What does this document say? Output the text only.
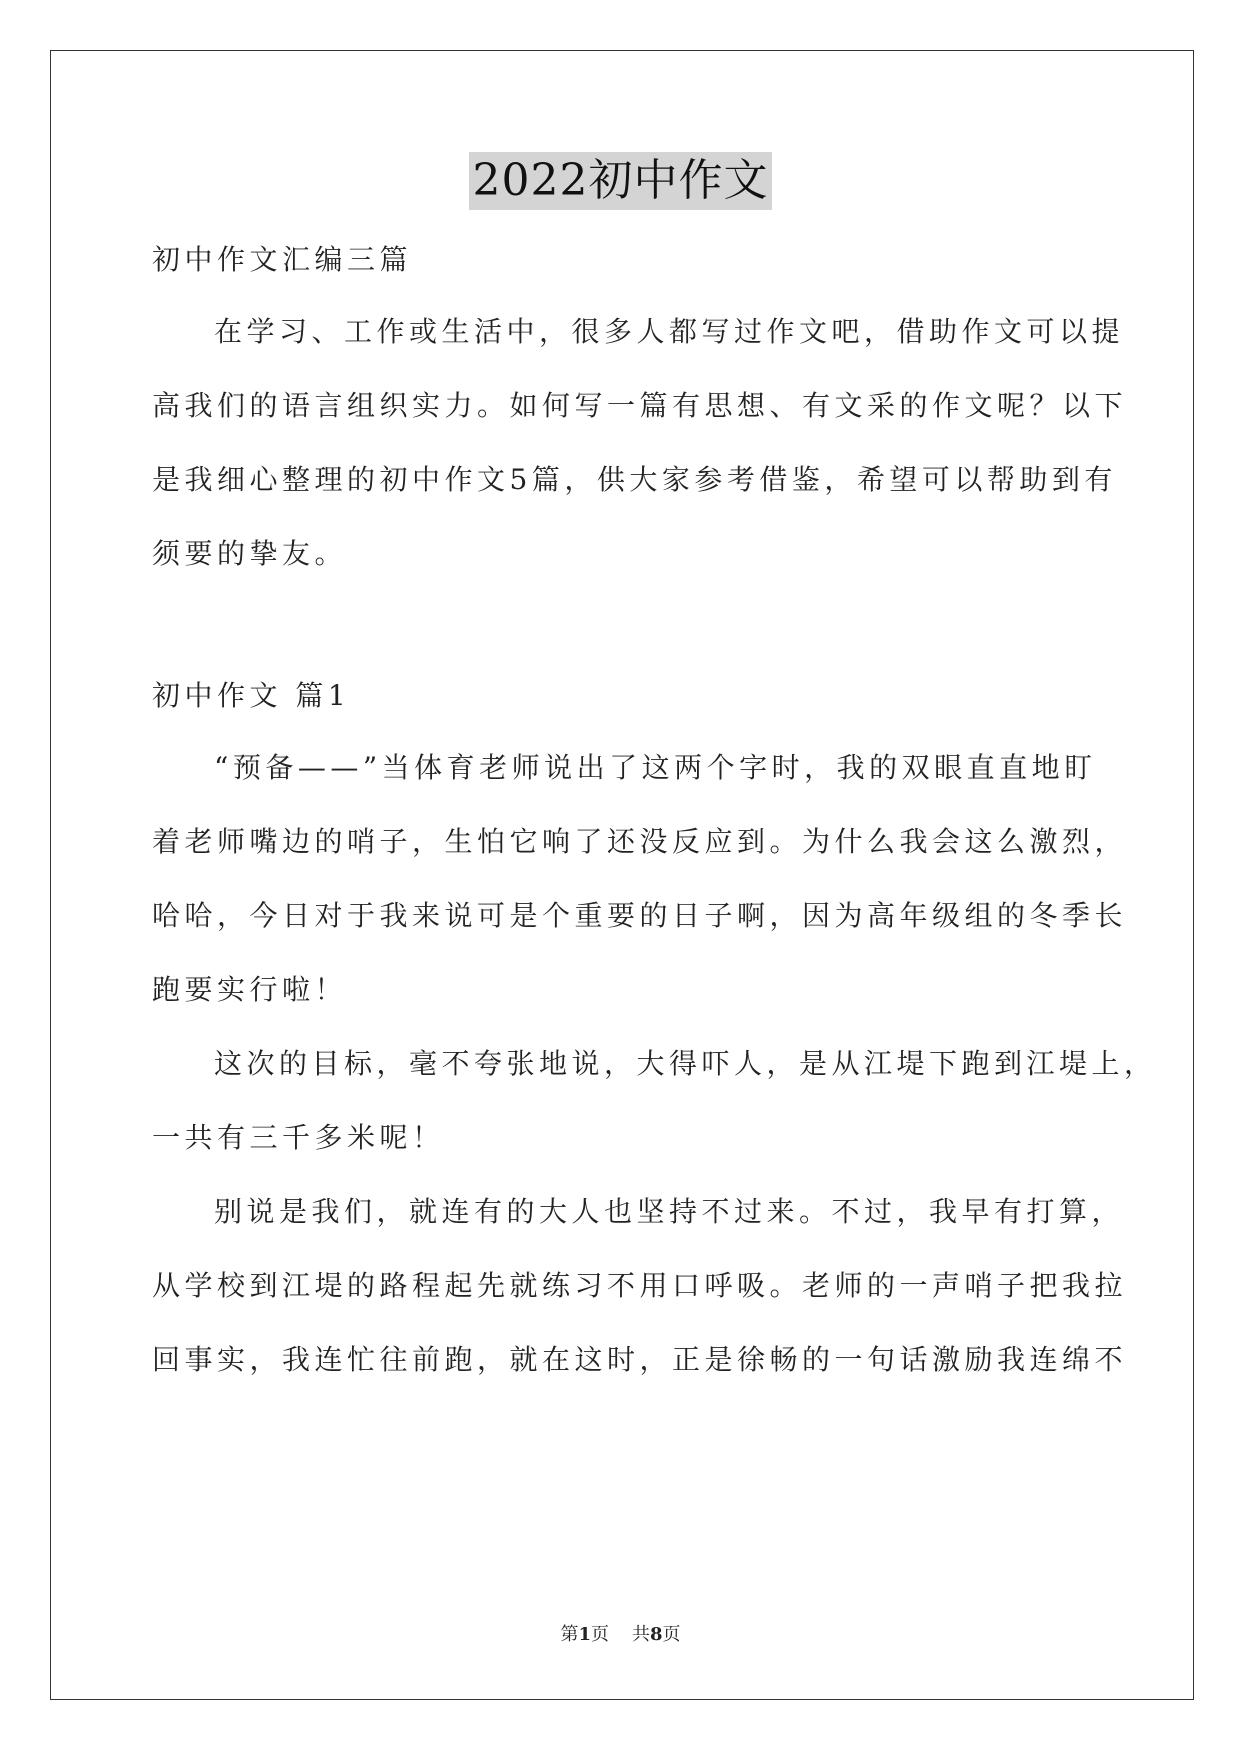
2022初中作文

初中作文汇编三篇

在学习、工作或生活中，很多人都写过作文吧，借助作文可以提

高我们的语言组织实力。如何写一篇有思想、有文采的作文呢？以下

是我细心整理的初中作文5篇，供大家参考借鉴，希望可以帮助到有

须要的挚友。

初中作文 篇1

“预备——”当体育老师说出了这两个字时，我的双眼直直地盯

着老师嘴边的哨子，生怕它响了还没反应到。为什么我会这么激烈，

哈哈，今日对于我来说可是个重要的日子啊，因为高年级组的冬季长

跑要实行啦！

这次的目标，毫不夸张地说，大得吓人，是从江堤下跑到江堤上，

一共有三千多米呢！

别说是我们，就连有的大人也坚持不过来。不过，我早有打算，

从学校到江堤的路程起先就练习不用口呼吸。老师的一声哨子把我拉

回事实，我连忙往前跑，就在这时，正是徐畅的一句话激励我连绵不

第1页 共8页
